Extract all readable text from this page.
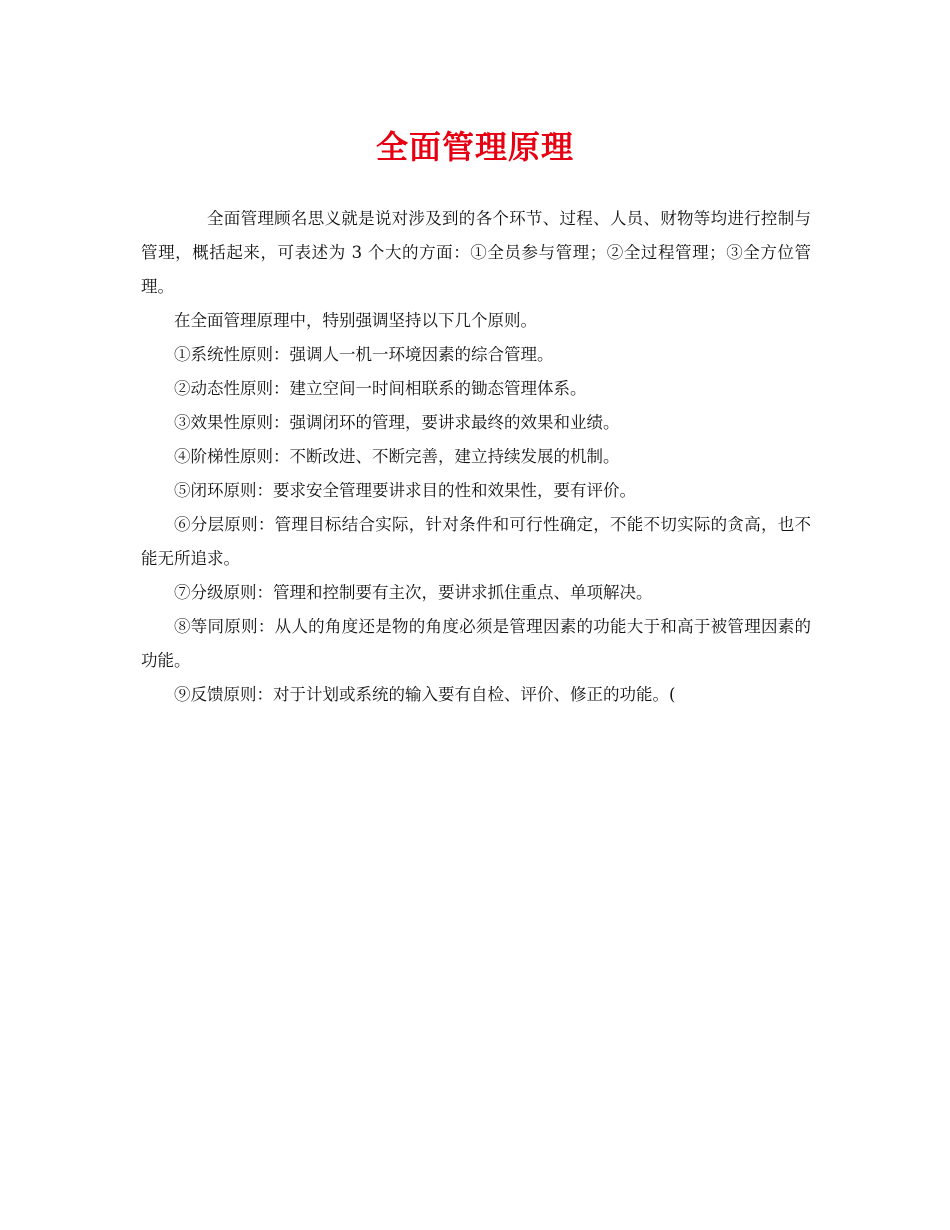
全面管理原理

全面管理顾名思义就是说对涉及到的各个环节、过程、人员、财物等均进行控制与管理，概括起来，可表述为 3 个大的方面：①全员参与管理；②全过程管理；③全方位管理。

在全面管理原理中，特别强调坚持以下几个原则。

①系统性原则：强调人一机一环境因素的综合管理。

②动态性原则：建立空间一时间相联系的锄态管理体系。

③效果性原则：强调闭环的管理，要讲求最终的效果和业绩。

④阶梯性原则：不断改进、不断完善，建立持续发展的机制。

⑤闭环原则：要求安全管理要讲求目的性和效果性，要有评价。

⑥分层原则：管理目标结合实际，针对条件和可行性确定，不能不切实际的贪高，也不能无所追求。

⑦分级原则：管理和控制要有主次，要讲求抓住重点、单项解决。

⑧等同原则：从人的角度还是物的角度必须是管理因素的功能大于和高于被管理因素的功能。

⑨反馈原则：对于计划或系统的输入要有自检、评价、修正的功能。(
